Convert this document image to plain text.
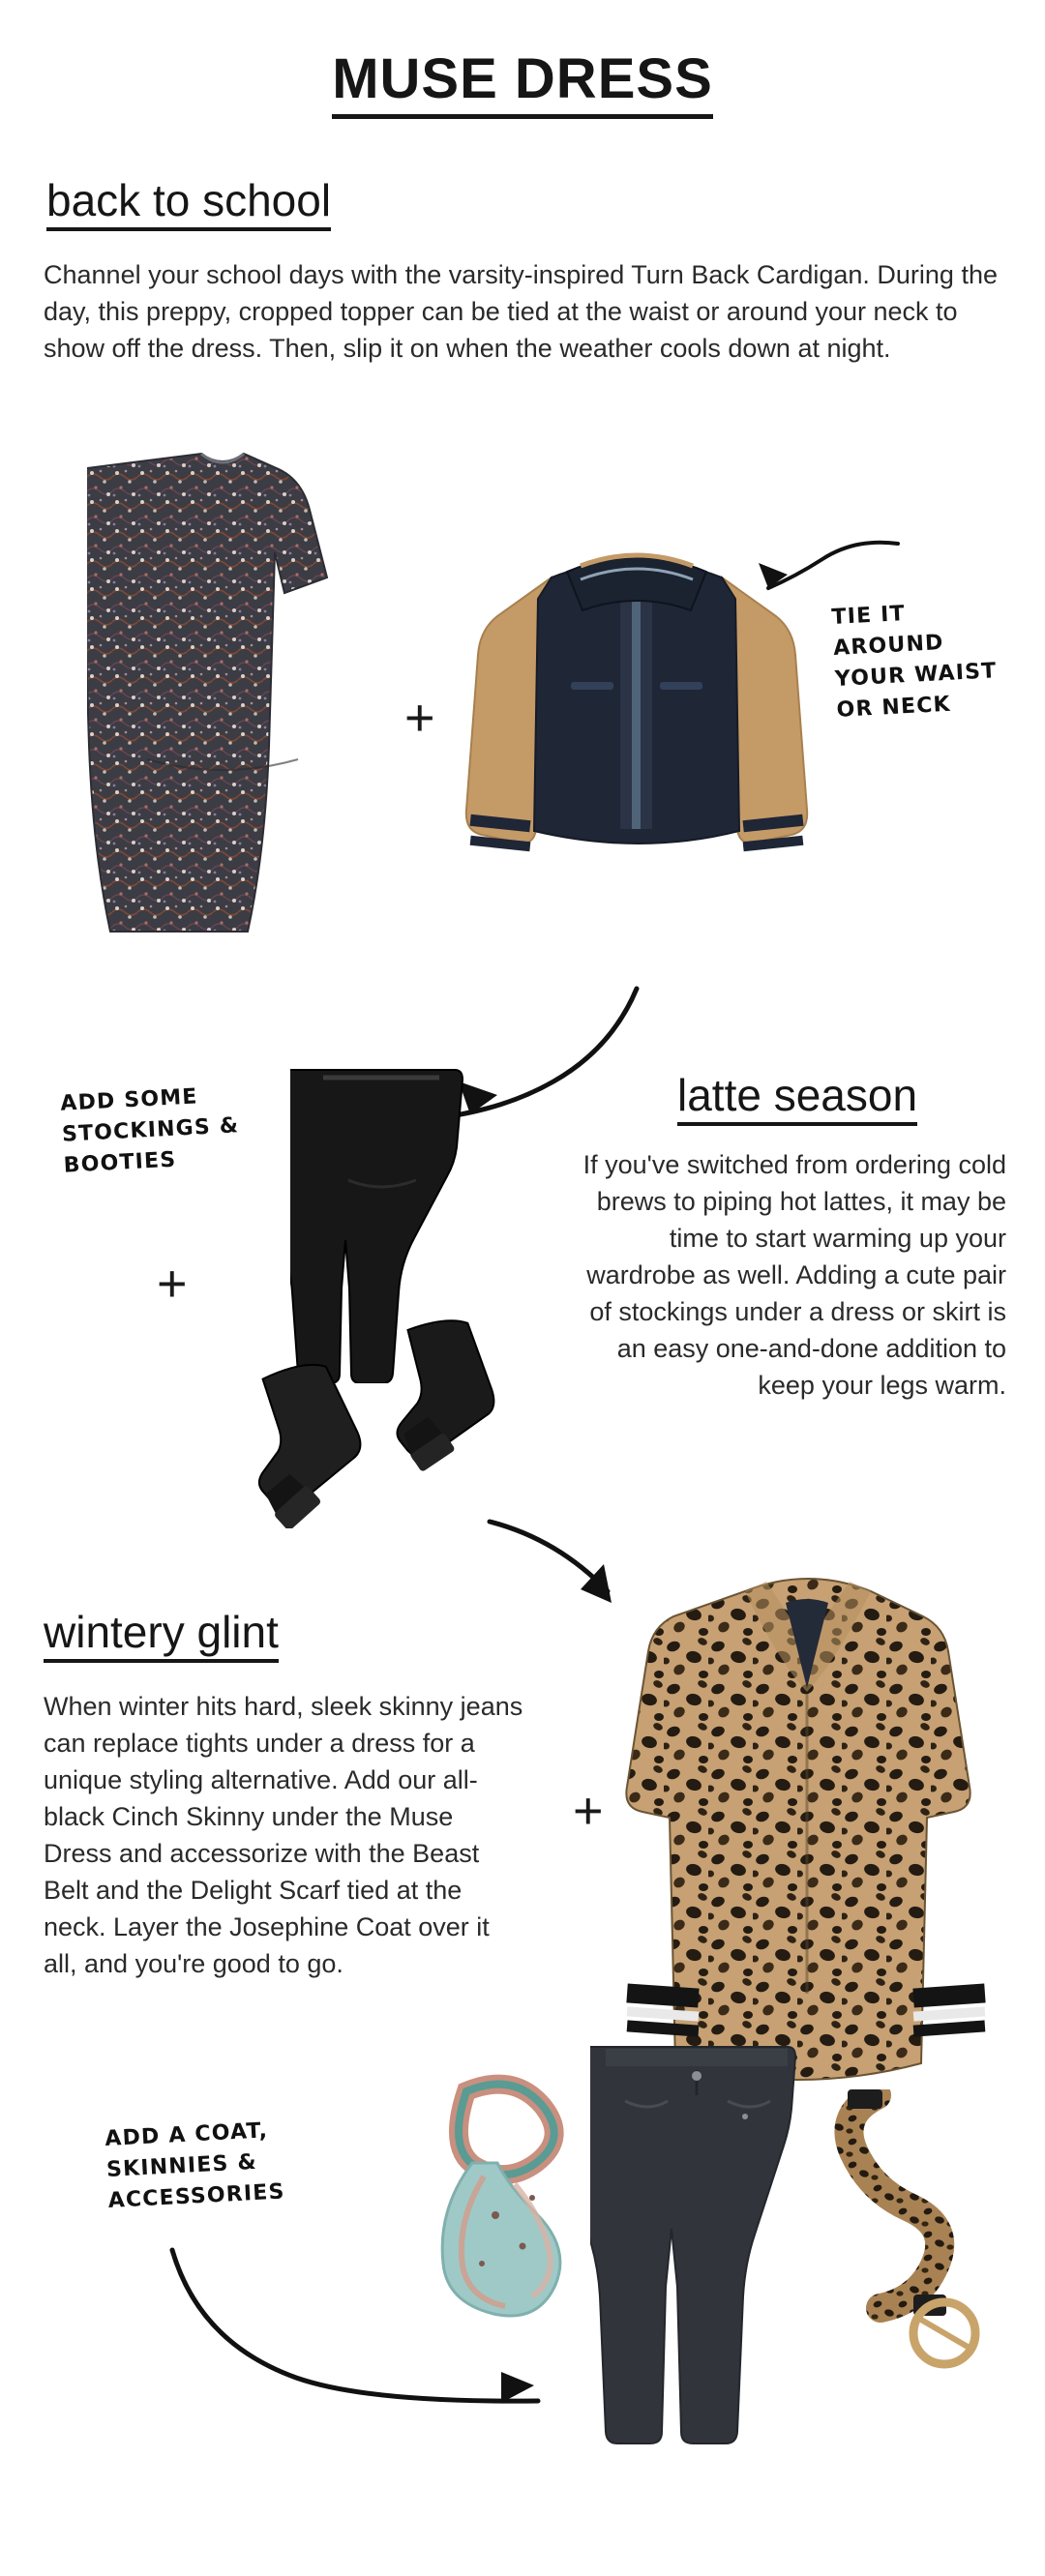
MUSE DRESS
back to school
Channel your school days with the varsity-inspired Turn Back Cardigan. During the day, this preppy, cropped topper can be tied at the waist or around your neck to show off the dress. Then, slip it on when the weather cools down at night.
+
TIE IT AROUND YOUR WAIST OR NECK
latte season
If you've switched from ordering cold brews to piping hot lattes, it may be time to start warming up your wardrobe as well. Adding a cute pair of stockings under a dress or skirt is an easy one-and-done addition to keep your legs warm.
ADD SOME STOCKINGS & BOOTIES
+
wintery glint
When winter hits hard, sleek skinny jeans can replace tights under a dress for a unique styling alternative. Add our all-black Cinch Skinny under the Muse Dress and accessorize with the Beast Belt and the Delight Scarf tied at the neck. Layer the Josephine Coat over it all, and you're good to go.
+
ADD A COAT, SKINNIES & ACCESSORIES
